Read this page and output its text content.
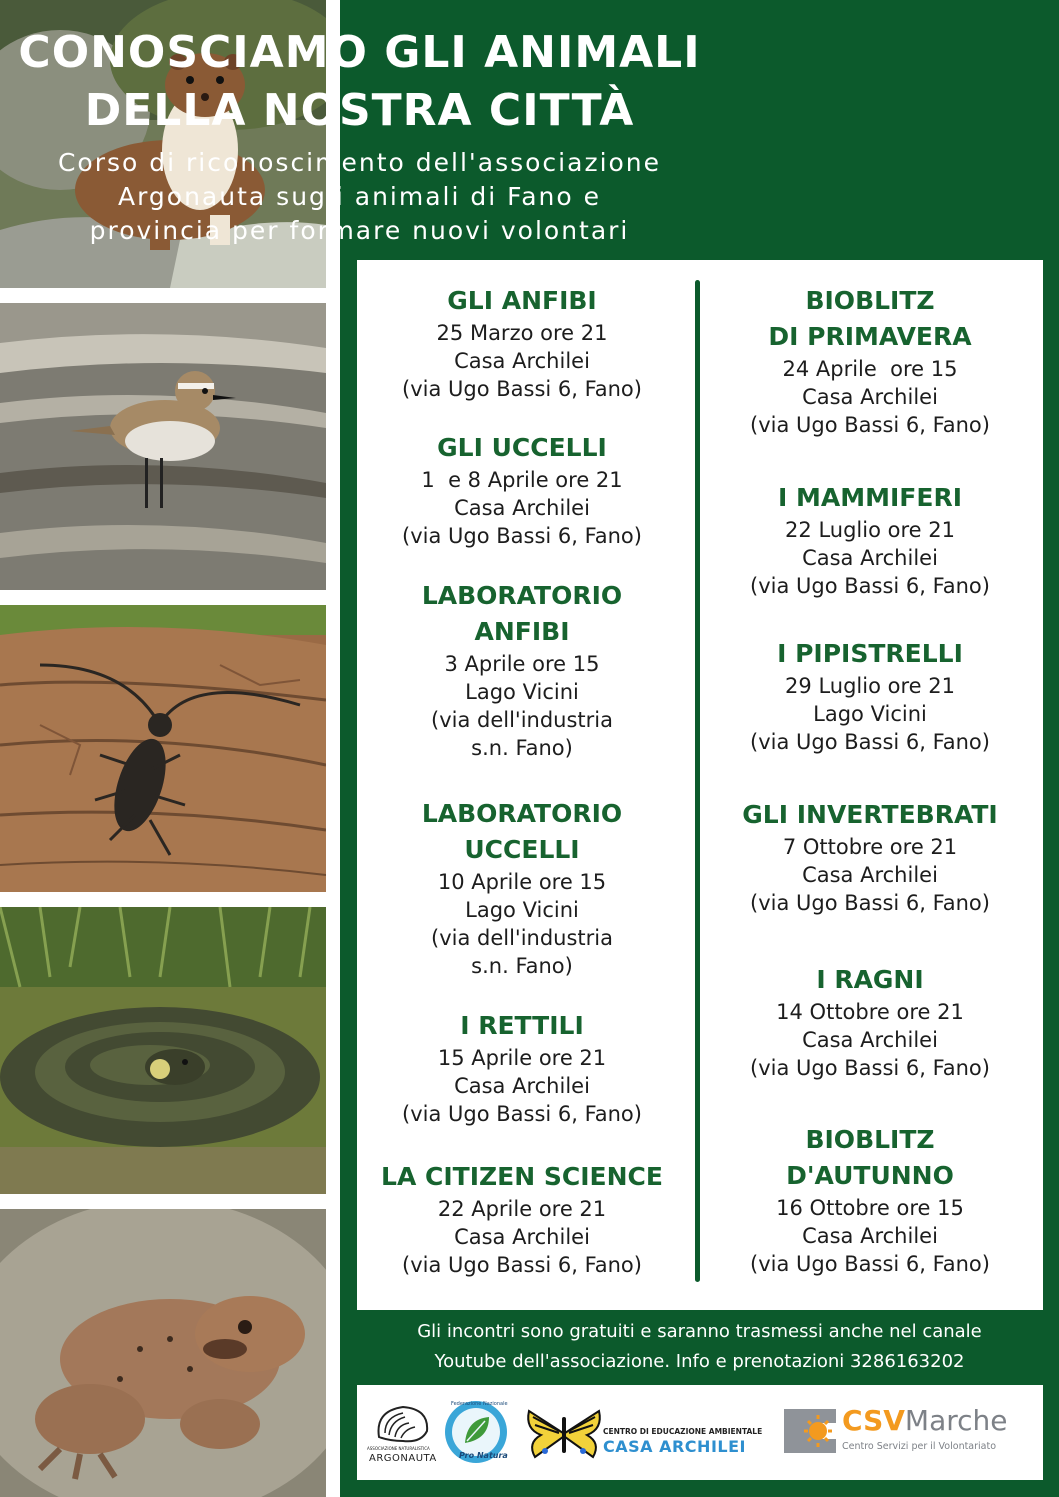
CONOSCIAMO GLI ANIMALI
DELLA NOSTRA CITTÀ
Corso di riconoscimento dell'associazione
Argonauta sugli animali di Fano e
provincia per formare nuovi volontari
GLI ANFIBI
25 Marzo ore 21
Casa Archilei
(via Ugo Bassi 6, Fano)
GLI UCCELLI
1  e 8 Aprile ore 21
Casa Archilei
(via Ugo Bassi 6, Fano)
LABORATORIO
ANFIBI
3 Aprile ore 15
Lago Vicini
(via dell'industria
s.n. Fano)
LABORATORIO
UCCELLI
10 Aprile ore 15
Lago Vicini
(via dell'industria
s.n. Fano)
I RETTILI
15 Aprile ore 21
Casa Archilei
(via Ugo Bassi 6, Fano)
LA CITIZEN SCIENCE
22 Aprile ore 21
Casa Archilei
(via Ugo Bassi 6, Fano)
BIOBLITZ
DI PRIMAVERA
24 Aprile  ore 15
Casa Archilei
(via Ugo Bassi 6, Fano)
I MAMMIFERI
22 Luglio ore 21
Casa Archilei
(via Ugo Bassi 6, Fano)
I PIPISTRELLI
29 Luglio ore 21
Lago Vicini
(via Ugo Bassi 6, Fano)
GLI INVERTEBRATI
7 Ottobre ore 21
Casa Archilei
(via Ugo Bassi 6, Fano)
I RAGNI
14 Ottobre ore 21
Casa Archilei
(via Ugo Bassi 6, Fano)
BIOBLITZ
D'AUTUNNO
16 Ottobre ore 15
Casa Archilei
(via Ugo Bassi 6, Fano)
Gli incontri sono gratuiti e saranno trasmessi anche nel canale
Youtube dell'associazione. Info e prenotazioni 3286163202
ASSOCIAZIONE NATURALISTICA
ARGONAUTA
Federazione Nazionale
Pro Natura
CENTRO DI EDUCAZIONE AMBIENTALE
CASA ARCHILEI
CSVMarche
Centro Servizi per il Volontariato
